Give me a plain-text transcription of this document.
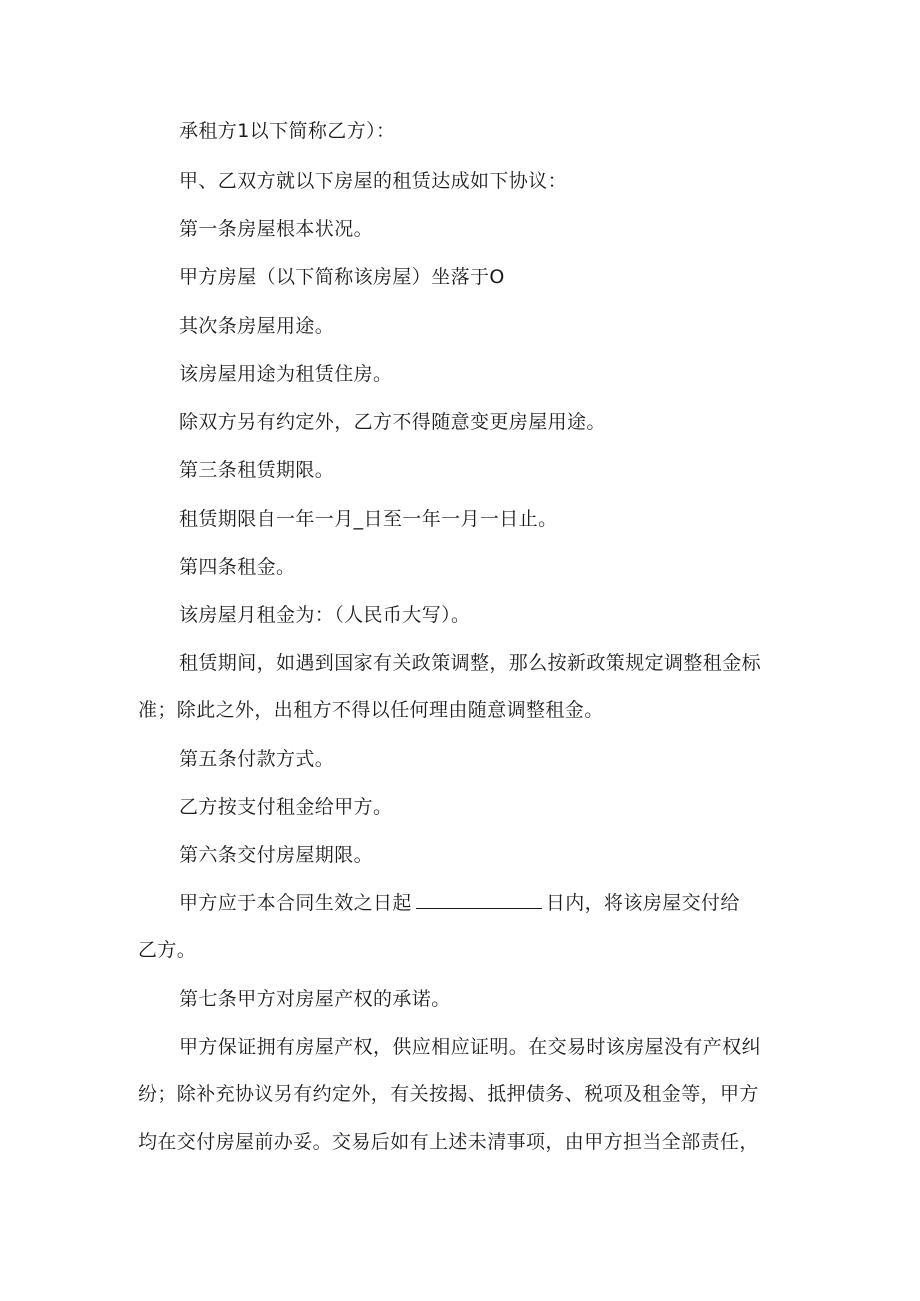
承租方1以下简称乙方）：
甲、乙双方就以下房屋的租赁达成如下协议：
第一条房屋根本状况。
甲方房屋（以下简称该房屋）坐落于O
其次条房屋用途。
该房屋用途为租赁住房。
除双方另有约定外，乙方不得随意变更房屋用途。
第三条租赁期限。
租赁期限自一年一月_日至一年一月一日止。
第四条租金。
该房屋月租金为：（人民币大写）。
租赁期间，如遇到国家有关政策调整，那么按新政策规定调整租金标
准；除此之外，出租方不得以任何理由随意调整租金。
第五条付款方式。
乙方按支付租金给甲方。
第六条交付房屋期限。
甲方应于本合同生效之日起	日内，将该房屋交付给
乙方。
第七条甲方对房屋产权的承诺。
甲方保证拥有房屋产权，供应相应证明。在交易时该房屋没有产权纠
纷；除补充协议另有约定外，有关按揭、抵押债务、税项及租金等，甲方
均在交付房屋前办妥。交易后如有上述未清事项，由甲方担当全部责任，
